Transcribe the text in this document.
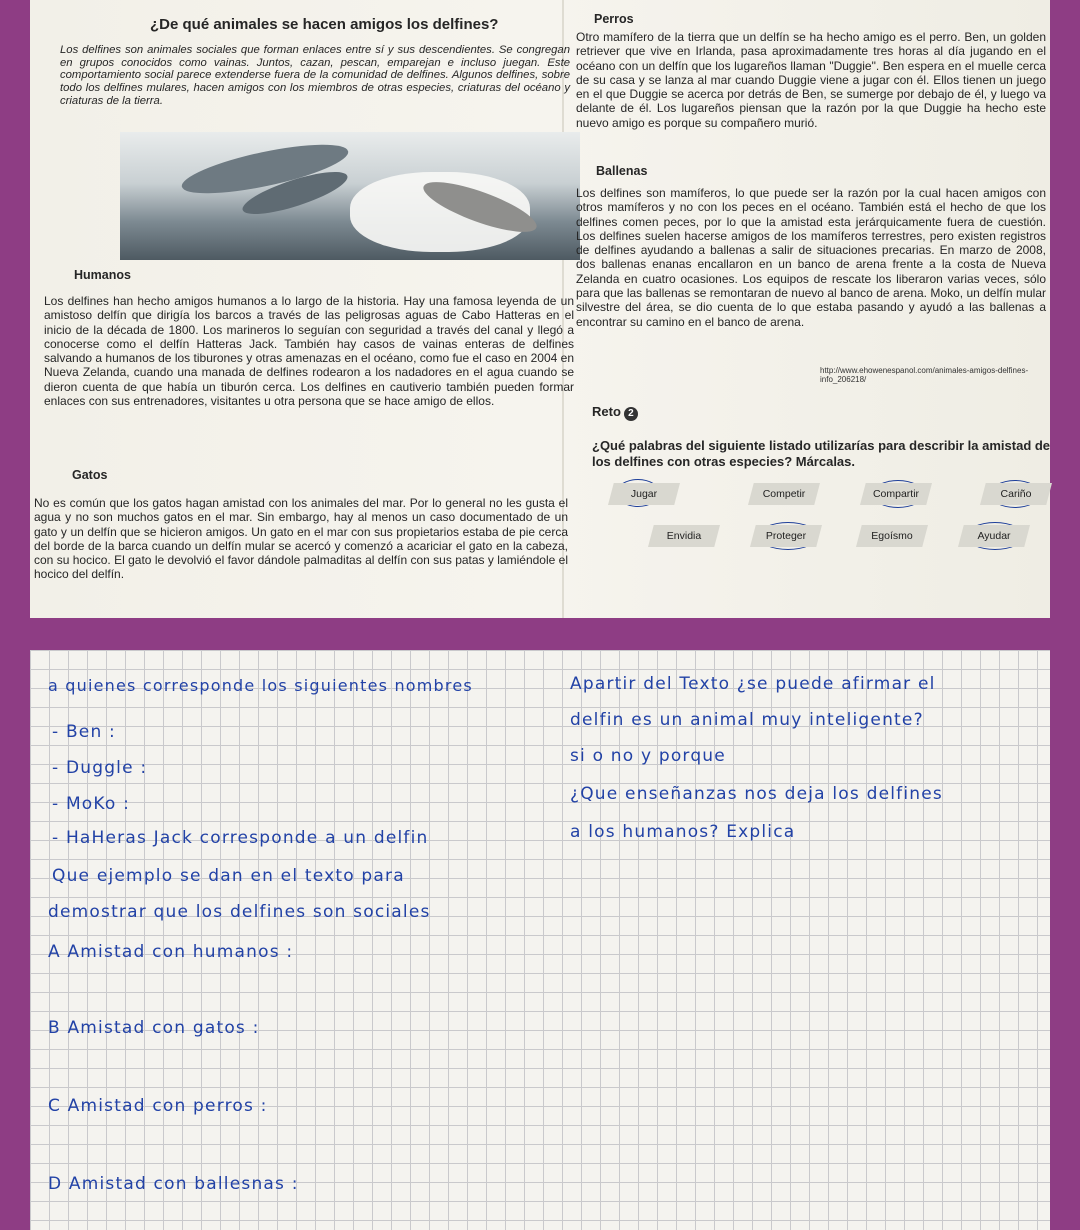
¿De qué animales se hacen amigos los delfines?

Los delfines son animales sociales que forman enlaces entre sí y sus descendientes. Se congregan en grupos conocidos como vainas. Juntos, cazan, pescan, emparejan e incluso juegan. Este comportamiento social parece extenderse fuera de la comunidad de delfines. Algunos delfines, sobre todo los delfines mulares, hacen amigos con los miembros de otras especies, criaturas del océano y criaturas de la tierra.

Humanos

Los delfines han hecho amigos humanos a lo largo de la historia. Hay una famosa leyenda de un amistoso delfín que dirigía los barcos a través de las peligrosas aguas de Cabo Hatteras en el inicio de la década de 1800. Los marineros lo seguían con seguridad a través del canal y llegó a conocerse como el delfín Hatteras Jack. También hay casos de vainas enteras de delfines salvando a humanos de los tiburones y otras amenazas en el océano, como fue el caso en 2004 en Nueva Zelanda, cuando una manada de delfines rodearon a los nadadores en el agua cuando se dieron cuenta de que había un tiburón cerca. Los delfines en cautiverio también pueden formar enlaces con sus entrenadores, visitantes u otra persona que se hace amigo de ellos.

Gatos

No es común que los gatos hagan amistad con los animales del mar. Por lo general no les gusta el agua y no son muchos gatos en el mar. Sin embargo, hay al menos un caso documentado de un gato y un delfín que se hicieron amigos. Un gato en el mar con sus propietarios estaba de pie cerca del borde de la barca cuando un delfín mular se acercó y comenzó a acariciar el gato en la cabeza, con su hocico. El gato le devolvió el favor dándole palmaditas al delfín con sus patas y lamiéndole el hocico del delfín.

Perros

Otro mamífero de la tierra que un delfín se ha hecho amigo es el perro. Ben, un golden retriever que vive en Irlanda, pasa aproximadamente tres horas al día jugando en el océano con un delfín que los lugareños llaman "Duggie". Ben espera en el muelle cerca de su casa y se lanza al mar cuando Duggie viene a jugar con él. Ellos tienen un juego en el que Duggie se acerca por detrás de Ben, se sumerge por debajo de él, y luego va delante de él. Los lugareños piensan que la razón por la que Duggie ha hecho este nuevo amigo es porque su compañero murió.

Ballenas

Los delfines son mamíferos, lo que puede ser la razón por la cual hacen amigos con otros mamíferos y no con los peces en el océano. También está el hecho de que los delfines comen peces, por lo que la amistad esta jerárquicamente fuera de cuestión. Los delfines suelen hacerse amigos de los mamíferos terrestres, pero existen registros de delfines ayudando a ballenas a salir de situaciones precarias. En marzo de 2008, dos ballenas enanas encallaron en un banco de arena frente a la costa de Nueva Zelanda en cuatro ocasiones. Los equipos de rescate los liberaron varias veces, sólo para que las ballenas se remontaran de nuevo al banco de arena. Moko, un delfín mular silvestre del área, se dio cuenta de lo que estaba pasando y ayudó a las ballenas a encontrar su camino en el banco de arena.

http://www.ehowenespanol.com/animales-amigos-delfines-info_206218/
Reto 2
¿Qué palabras del siguiente listado utilizarías para describir la amistad de los delfines con otras especies? Márcalas.
Jugar	Competir	Compartir	Cariño
Envidia	Proteger	Egoísmo	Ayudar
a quienes corresponde los siguientes nombres
- Ben :
- Duggle :
- MoKo :
- HaHeras Jack corresponde a un delfin
Que ejemplo se dan en el texto para
demostrar que los delfines son sociales
A Amistad con humanos :
B Amistad con gatos :
C Amistad con perros :
D Amistad con ballesnas :
Apartir del Texto ¿se puede afirmar el
delfin es un animal muy inteligente?
si o no y porque
¿Que enseñanzas nos deja los delfines
a los humanos? Explica
